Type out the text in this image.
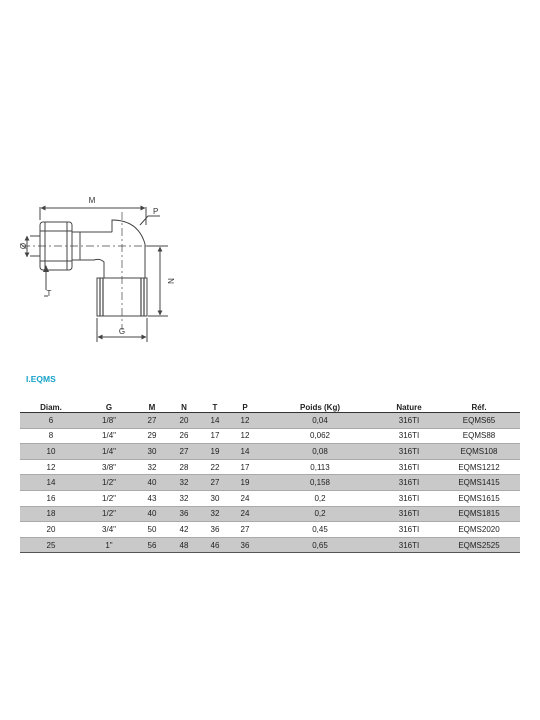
M
P
Ø
N
T
G
I.EQMS
Diam.	G	M	N	T	P	Poids (Kg)	Nature	Réf.
6	1/8"	27	20	14	12	0,04	316TI	EQMS65
8	1/4"	29	26	17	12	0,062	316TI	EQMS88
10	1/4"	30	27	19	14	0,08	316TI	EQMS108
12	3/8"	32	28	22	17	0,113	316TI	EQMS1212
14	1/2"	40	32	27	19	0,158	316TI	EQMS1415
16	1/2"	43	32	30	24	0,2	316TI	EQMS1615
18	1/2"	40	36	32	24	0,2	316TI	EQMS1815
20	3/4"	50	42	36	27	0,45	316TI	EQMS2020
25	1"	56	48	46	36	0,65	316TI	EQMS2525
